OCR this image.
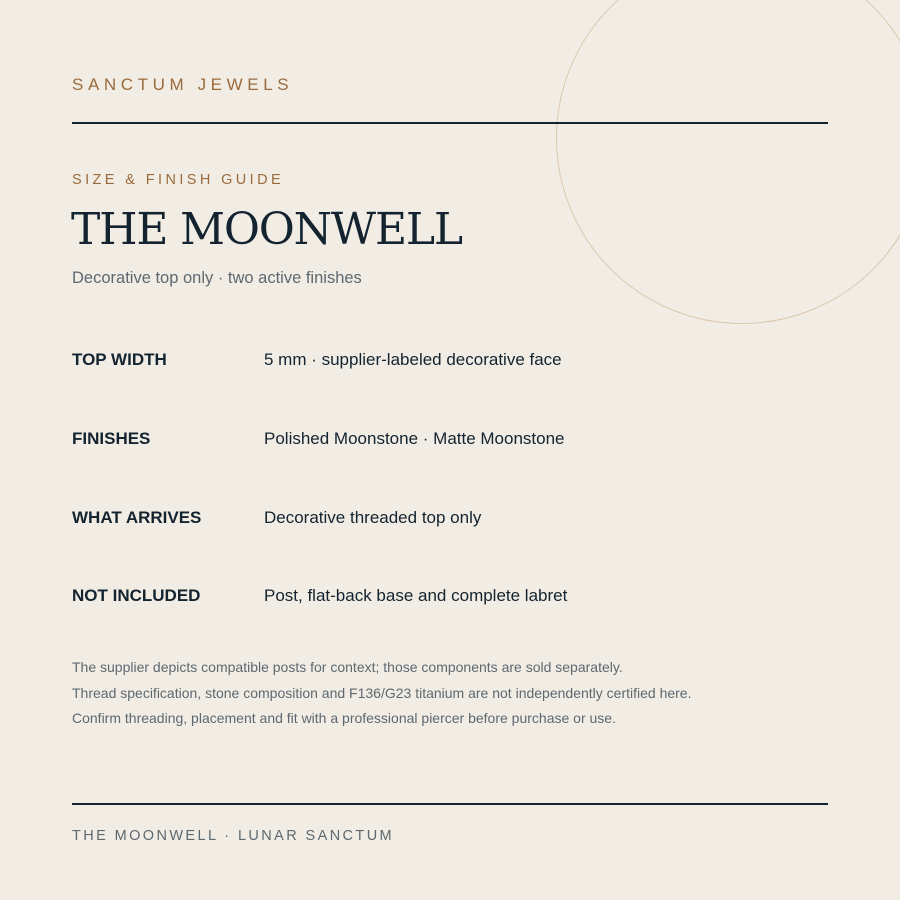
SANCTUM JEWELS
SIZE & FINISH GUIDE
THE MOONWELL
Decorative top only · two active finishes
TOP WIDTH	5 mm · supplier-labeled decorative face
FINISHES	Polished Moonstone · Matte Moonstone
WHAT ARRIVES	Decorative threaded top only
NOT INCLUDED	Post, flat-back base and complete labret
The supplier depicts compatible posts for context; those components are sold separately.
Thread specification, stone composition and F136/G23 titanium are not independently certified here.
Confirm threading, placement and fit with a professional piercer before purchase or use.
THE MOONWELL · LUNAR SANCTUM
